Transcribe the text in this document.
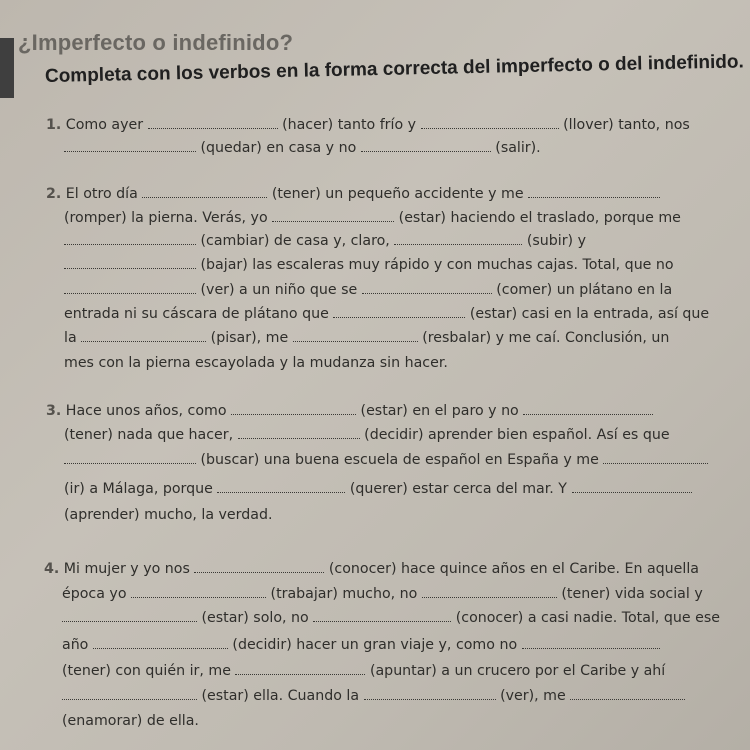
¿Imperfecto o indefinido?
Completa con los verbos en la forma correcta del imperfecto o del indefinido.
1. Como ayer	(hacer) tanto frío y	(llover) tanto, nos
(quedar) en casa y no	(salir).
2. El otro día	(tener) un pequeño accidente y me
(romper) la pierna. Verás, yo	(estar) haciendo el traslado, porque me
(cambiar) de casa y, claro,	(subir) y
(bajar) las escaleras muy rápido y con muchas cajas. Total, que no
(ver) a un niño que se	(comer) un plátano en la
entrada ni su cáscara de plátano que	(estar) casi en la entrada, así que
la	(pisar), me	(resbalar) y me caí. Conclusión, un
mes con la pierna escayolada y la mudanza sin hacer.
3. Hace unos años, como	(estar) en el paro y no
(tener) nada que hacer,	(decidir) aprender bien español. Así es que
(buscar) una buena escuela de español en España y me
(ir) a Málaga, porque	(querer) estar cerca del mar. Y
(aprender) mucho, la verdad.
4. Mi mujer y yo nos	(conocer) hace quince años en el Caribe. En aquella
época yo	(trabajar) mucho, no	(tener) vida social y
(estar) solo, no	(conocer) a casi nadie. Total, que ese
año	(decidir) hacer un gran viaje y, como no
(tener) con quién ir, me	(apuntar) a un crucero por el Caribe y ahí
(estar) ella. Cuando la	(ver), me
(enamorar) de ella.
